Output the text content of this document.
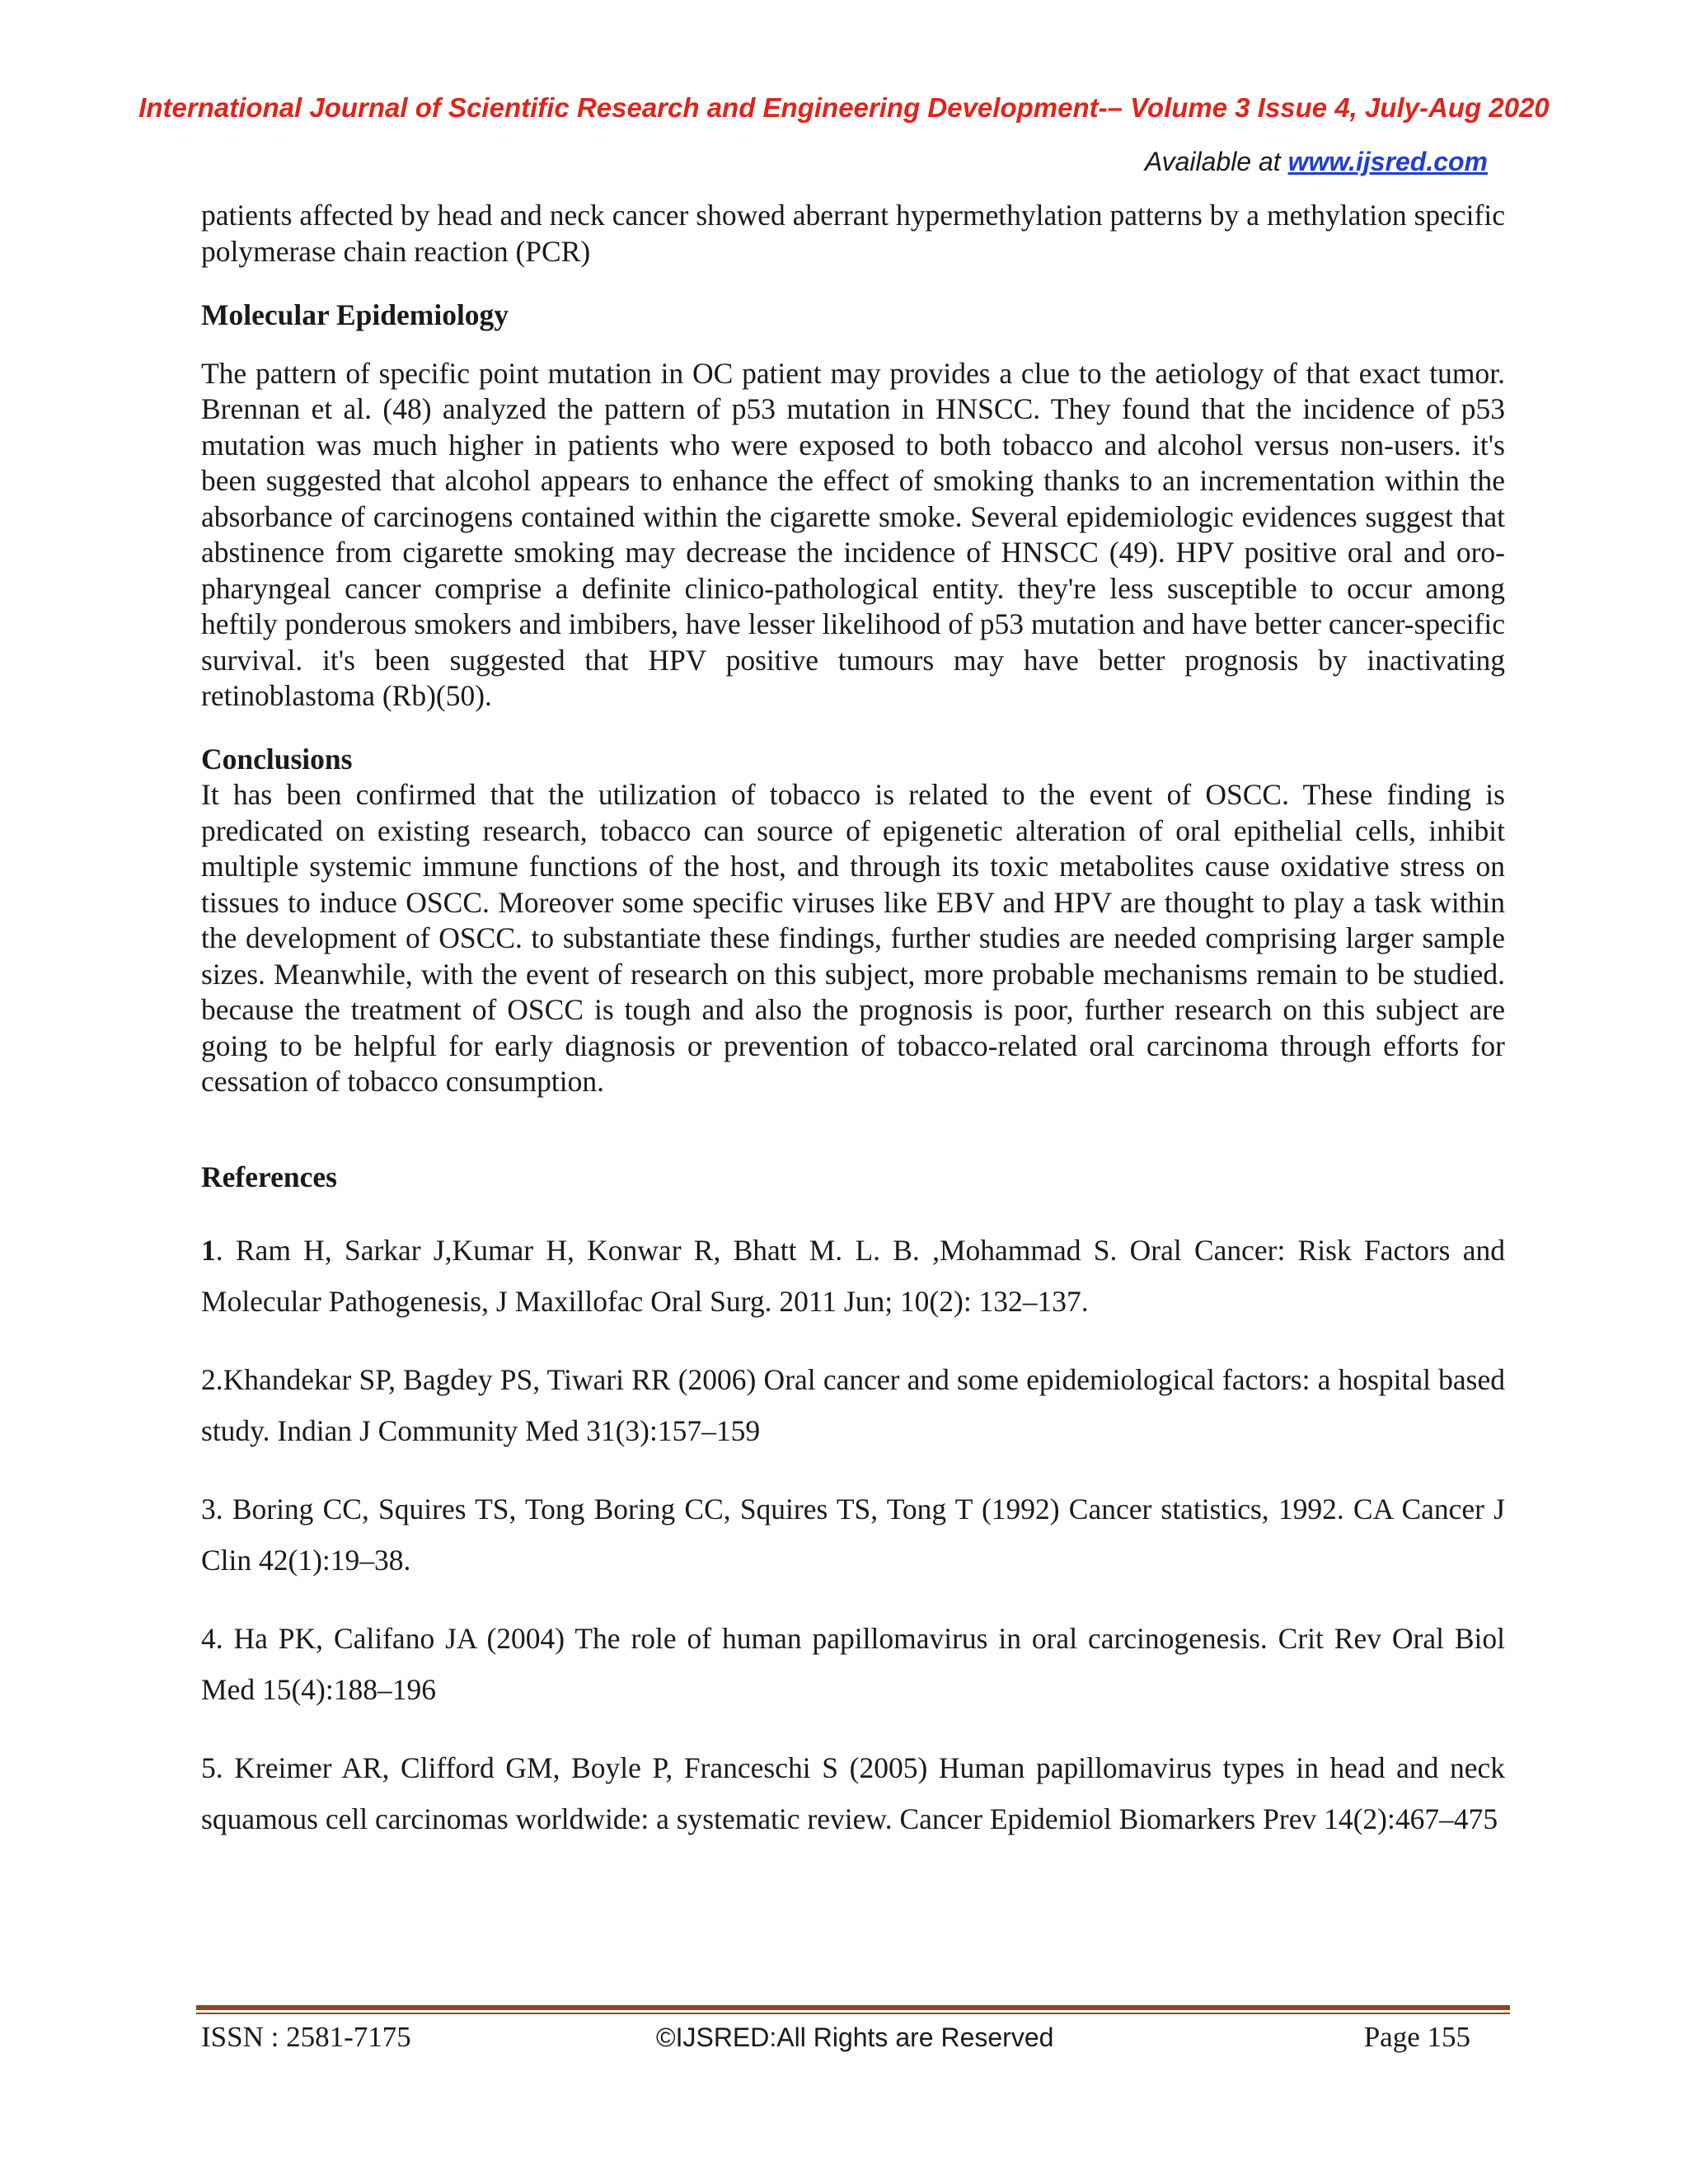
International Journal of Scientific Research and Engineering Development-– Volume 3 Issue 4, July-Aug 2020
Available at www.ijsred.com

patients affected by head and neck cancer showed aberrant hypermethylation patterns by a methylation specific polymerase chain reaction (PCR)

Molecular Epidemiology

The pattern of specific point mutation in OC patient may provides a clue to the aetiology of that exact tumor. Brennan et al. (48) analyzed the pattern of p53 mutation in HNSCC. They found that the incidence of p53 mutation was much higher in patients who were exposed to both tobacco and alcohol versus non-users. it's been suggested that alcohol appears to enhance the effect of smoking thanks to an incrementation within the absorbance of carcinogens contained within the cigarette smoke. Several epidemiologic evidences suggest that abstinence from cigarette smoking may decrease the incidence of HNSCC (49). HPV positive oral and oro-pharyngeal cancer comprise a definite clinico-pathological entity. they're less susceptible to occur among heftily ponderous smokers and imbibers, have lesser likelihood of p53 mutation and have better cancer-specific survival. it's been suggested that HPV positive tumours may have better prognosis by inactivating retinoblastoma (Rb)(50).

Conclusions

It has been confirmed that the utilization of tobacco is related to the event of OSCC. These finding is predicated on existing research, tobacco can source of epigenetic alteration of oral epithelial cells, inhibit multiple systemic immune functions of the host, and through its toxic metabolites cause oxidative stress on tissues to induce OSCC. Moreover some specific viruses like EBV and HPV are thought to play a task within the development of OSCC. to substantiate these findings, further studies are needed comprising larger sample sizes. Meanwhile, with the event of research on this subject, more probable mechanisms remain to be studied. because the treatment of OSCC is tough and also the prognosis is poor, further research on this subject are going to be helpful for early diagnosis or prevention of tobacco-related oral carcinoma through efforts for cessation of tobacco consumption.

References

1. Ram H, Sarkar J,Kumar H, Konwar R, Bhatt M. L. B. ,Mohammad S. Oral Cancer: Risk Factors and Molecular Pathogenesis, J Maxillofac Oral Surg. 2011 Jun; 10(2): 132–137.

2.Khandekar SP, Bagdey PS, Tiwari RR (2006) Oral cancer and some epidemiological factors: a hospital based study. Indian J Community Med 31(3):157–159

3. Boring CC, Squires TS, Tong Boring CC, Squires TS, Tong T (1992) Cancer statistics, 1992. CA Cancer J Clin 42(1):19–38.

4. Ha PK, Califano JA (2004) The role of human papillomavirus in oral carcinogenesis. Crit Rev Oral Biol Med 15(4):188–196

5. Kreimer AR, Clifford GM, Boyle P, Franceschi S (2005) Human papillomavirus types in head and neck squamous cell carcinomas worldwide: a systematic review. Cancer Epidemiol Biomarkers Prev 14(2):467–475

ISSN : 2581-7175	©IJSRED:All Rights are Reserved	Page 155
